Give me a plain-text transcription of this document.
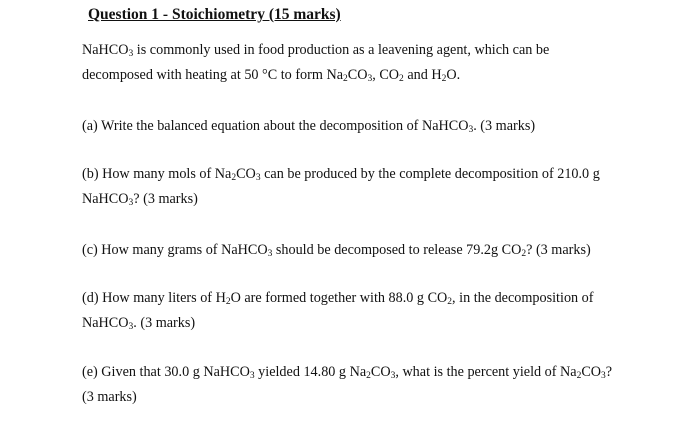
Question 1 - Stoichiometry (15 marks)

NaHCO$_3$ is commonly used in food production as a leavening agent, which can be
decomposed with heating at 50 °C to form $Na_2CO_3$, $CO_2$ and $H_2O$.

(a) Write the balanced equation about the decomposition of NaHCO$_3$. (3 marks)

(b) How many mols of $Na_2CO_3$ can be produced by the complete decomposition of 210.0 g
NaHCO$_3$? (3 marks)

(c) How many grams of NaHCO$_3$ should be decomposed to release 79.2g $CO_2$? (3 marks)

(d) How many liters of $H_2O$ are formed together with 88.0 g $CO_2$, in the decomposition of
NaHCO$_3$. (3 marks)

(e) Given that 30.0 g NaHCO$_3$ yielded 14.80 g $Na_2CO_3$, what is the percent yield of $Na_2CO_3$?
(3 marks)
